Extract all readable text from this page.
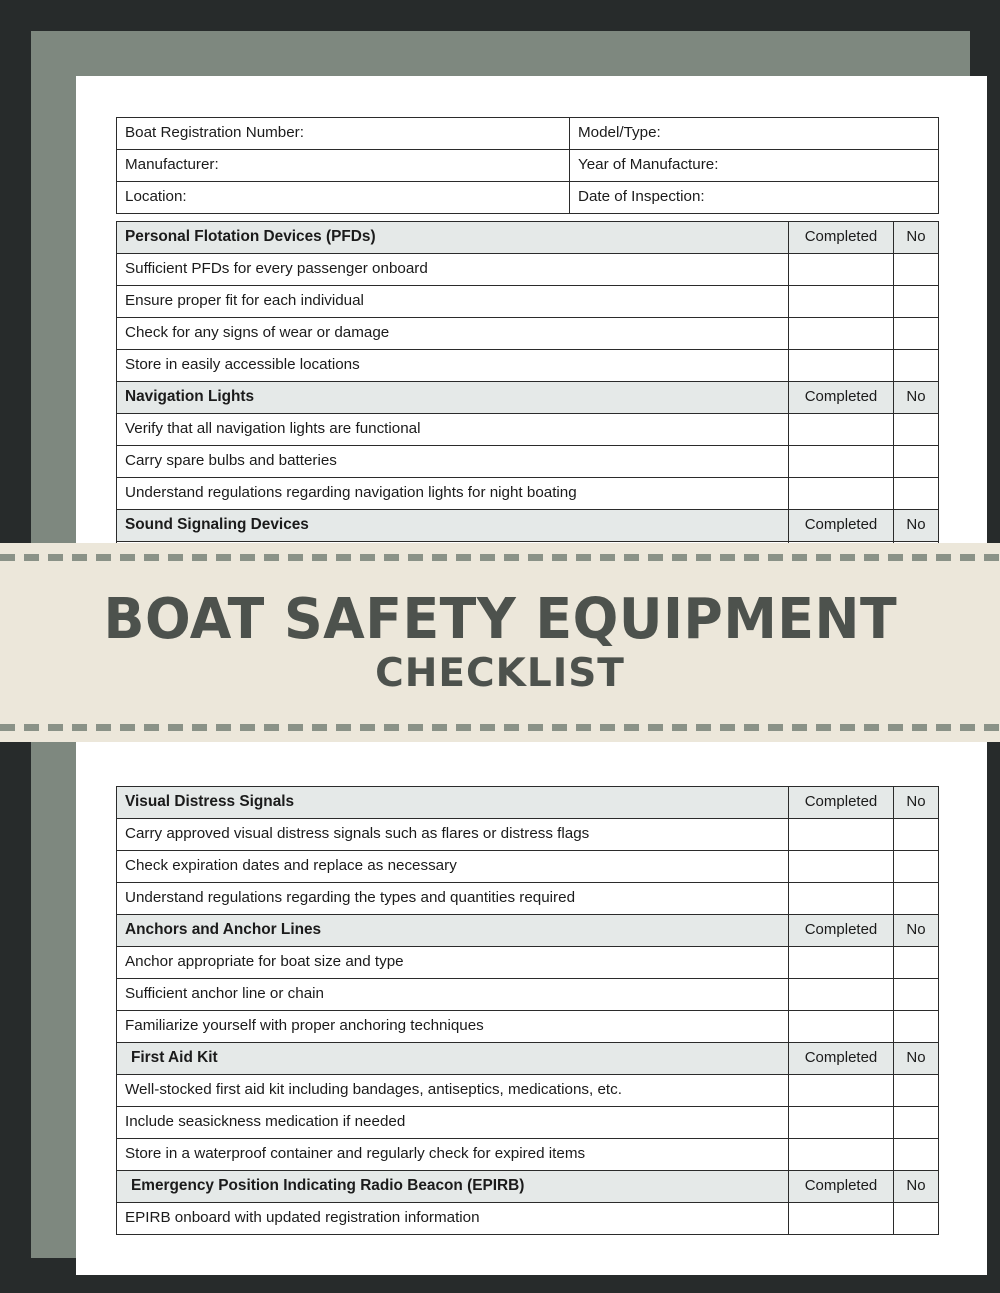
Boat Registration Number:	Model/Type:
Manufacturer:	Year of Manufacture:
Location:	Date of Inspection:
Personal Flotation Devices (PFDs)	Completed	No
Sufficient PFDs for every passenger onboard		
Ensure proper fit for each individual		
Check for any signs of wear or damage		
Store in easily accessible locations		
Navigation Lights	Completed	No
Verify that all navigation lights are functional		
Carry spare bulbs and batteries		
Understand regulations regarding navigation lights for night boating		
Sound Signaling Devices	Completed	No

Visual Distress Signals	Completed	No
Carry approved visual distress signals such as flares or distress flags		
Check expiration dates and replace as necessary		
Understand regulations regarding the types and quantities required		
Anchors and Anchor Lines	Completed	No
Anchor appropriate for boat size and type		
Sufficient anchor line or chain		
Familiarize yourself with proper anchoring techniques		
First Aid Kit	Completed	No
Well-stocked first aid kit including bandages, antiseptics, medications, etc.		
Include seasickness medication if needed		
Store in a waterproof container and regularly check for expired items		
Emergency Position Indicating Radio Beacon (EPIRB)	Completed	No
EPIRB onboard with updated registration information		
BOAT SAFETY EQUIPMENT
CHECKLIST
